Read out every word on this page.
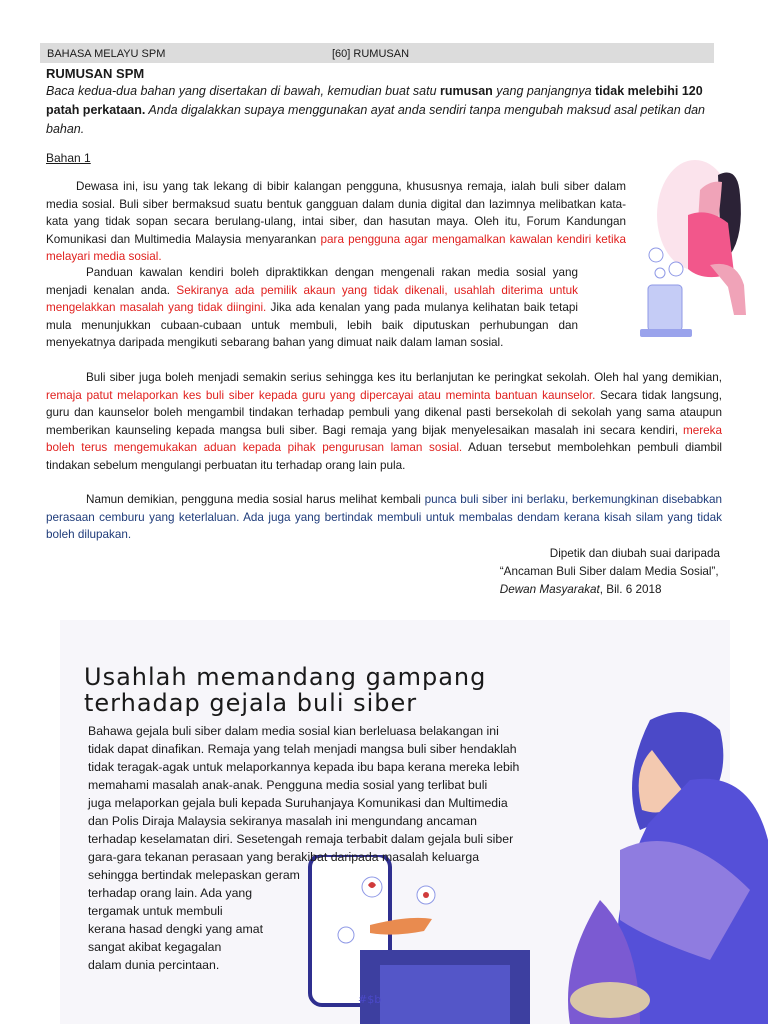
BAHASA MELAYU SPM	[60] RUMUSAN
RUMUSAN SPM
Baca kedua-dua bahan yang disertakan di bawah, kemudian buat satu rumusan yang panjangnya tidak melebihi 120 patah perkataan. Anda digalakkan supaya menggunakan ayat anda sendiri tanpa mengubah maksud asal petikan dan bahan.
Bahan 1
Dewasa ini, isu yang tak lekang di bibir kalangan pengguna, khususnya remaja, ialah buli siber dalam media sosial. Buli siber bermaksud suatu bentuk gangguan dalam dunia digital dan lazimnya melibatkan kata-kata yang tidak sopan secara berulang-ulang, intai siber, dan hasutan maya. Oleh itu, Forum Kandungan Komunikasi dan Multimedia Malaysia menyarankan para pengguna agar mengamalkan kawalan kendiri ketika melayari media sosial.
Panduan kawalan kendiri boleh dipraktikkan dengan mengenali rakan media sosial yang menjadi kenalan anda. Sekiranya ada pemilik akaun yang tidak dikenali, usahlah diterima untuk mengelakkan masalah yang tidak diingini. Jika ada kenalan yang pada mulanya kelihatan baik tetapi mula menunjukkan cubaan-cubaan untuk membuli, lebih baik diputuskan perhubungan dan menyekatnya daripada mengikuti sebarang bahan yang dimuat naik dalam laman sosial.
Buli siber juga boleh menjadi semakin serius sehingga kes itu berlanjutan ke peringkat sekolah. Oleh hal yang demikian, remaja patut melaporkan kes buli siber kepada guru yang dipercayai atau meminta bantuan kaunselor. Secara tidak langsung, guru dan kaunselor boleh mengambil tindakan terhadap pembuli yang dikenal pasti bersekolah di sekolah yang sama ataupun memberikan kaunseling kepada mangsa buli siber. Bagi remaja yang bijak menyelesaikan masalah ini secara kendiri, mereka boleh terus mengemukakan aduan kepada pihak pengurusan laman sosial. Aduan tersebut membolehkan pembuli diambil tindakan sebelum mengulangi perbuatan itu terhadap orang lain pula.
Namun demikian, pengguna media sosial harus melihat kembali punca buli siber ini berlaku, berkemungkinan disebabkan perasaan cemburu yang keterlaluan. Ada juga yang bertindak membuli untuk membalas dendam kerana kisah silam yang tidak boleh dilupakan.
Dipetik dan diubah suai daripada
“Ancaman Buli Siber dalam Media Sosial”,
Dewan Masyarakat, Bil. 6 2018
#$b
Usahlah memandang gampang
terhadap gejala buli siber
Bahawa gejala buli siber dalam media sosial kian berleluasa belakangan ini
tidak dapat dinafikan. Remaja yang telah menjadi mangsa buli siber hendaklah
tidak teragak-agak untuk melaporkannya kepada ibu bapa kerana mereka lebih
memahami masalah anak-anak. Pengguna media sosial yang terlibat buli
juga melaporkan gejala buli kepada Suruhanjaya Komunikasi dan Multimedia
dan Polis Diraja Malaysia sekiranya masalah ini mengundang ancaman
terhadap keselamatan diri. Sesetengah remaja terbabit dalam gejala buli siber
gara-gara tekanan perasaan yang berakibat daripada masalah keluarga
sehingga bertindak melepaskan geram
terhadap orang lain. Ada yang
tergamak untuk membuli
kerana hasad dengki yang amat
sangat akibat kegagalan
dalam dunia percintaan.
